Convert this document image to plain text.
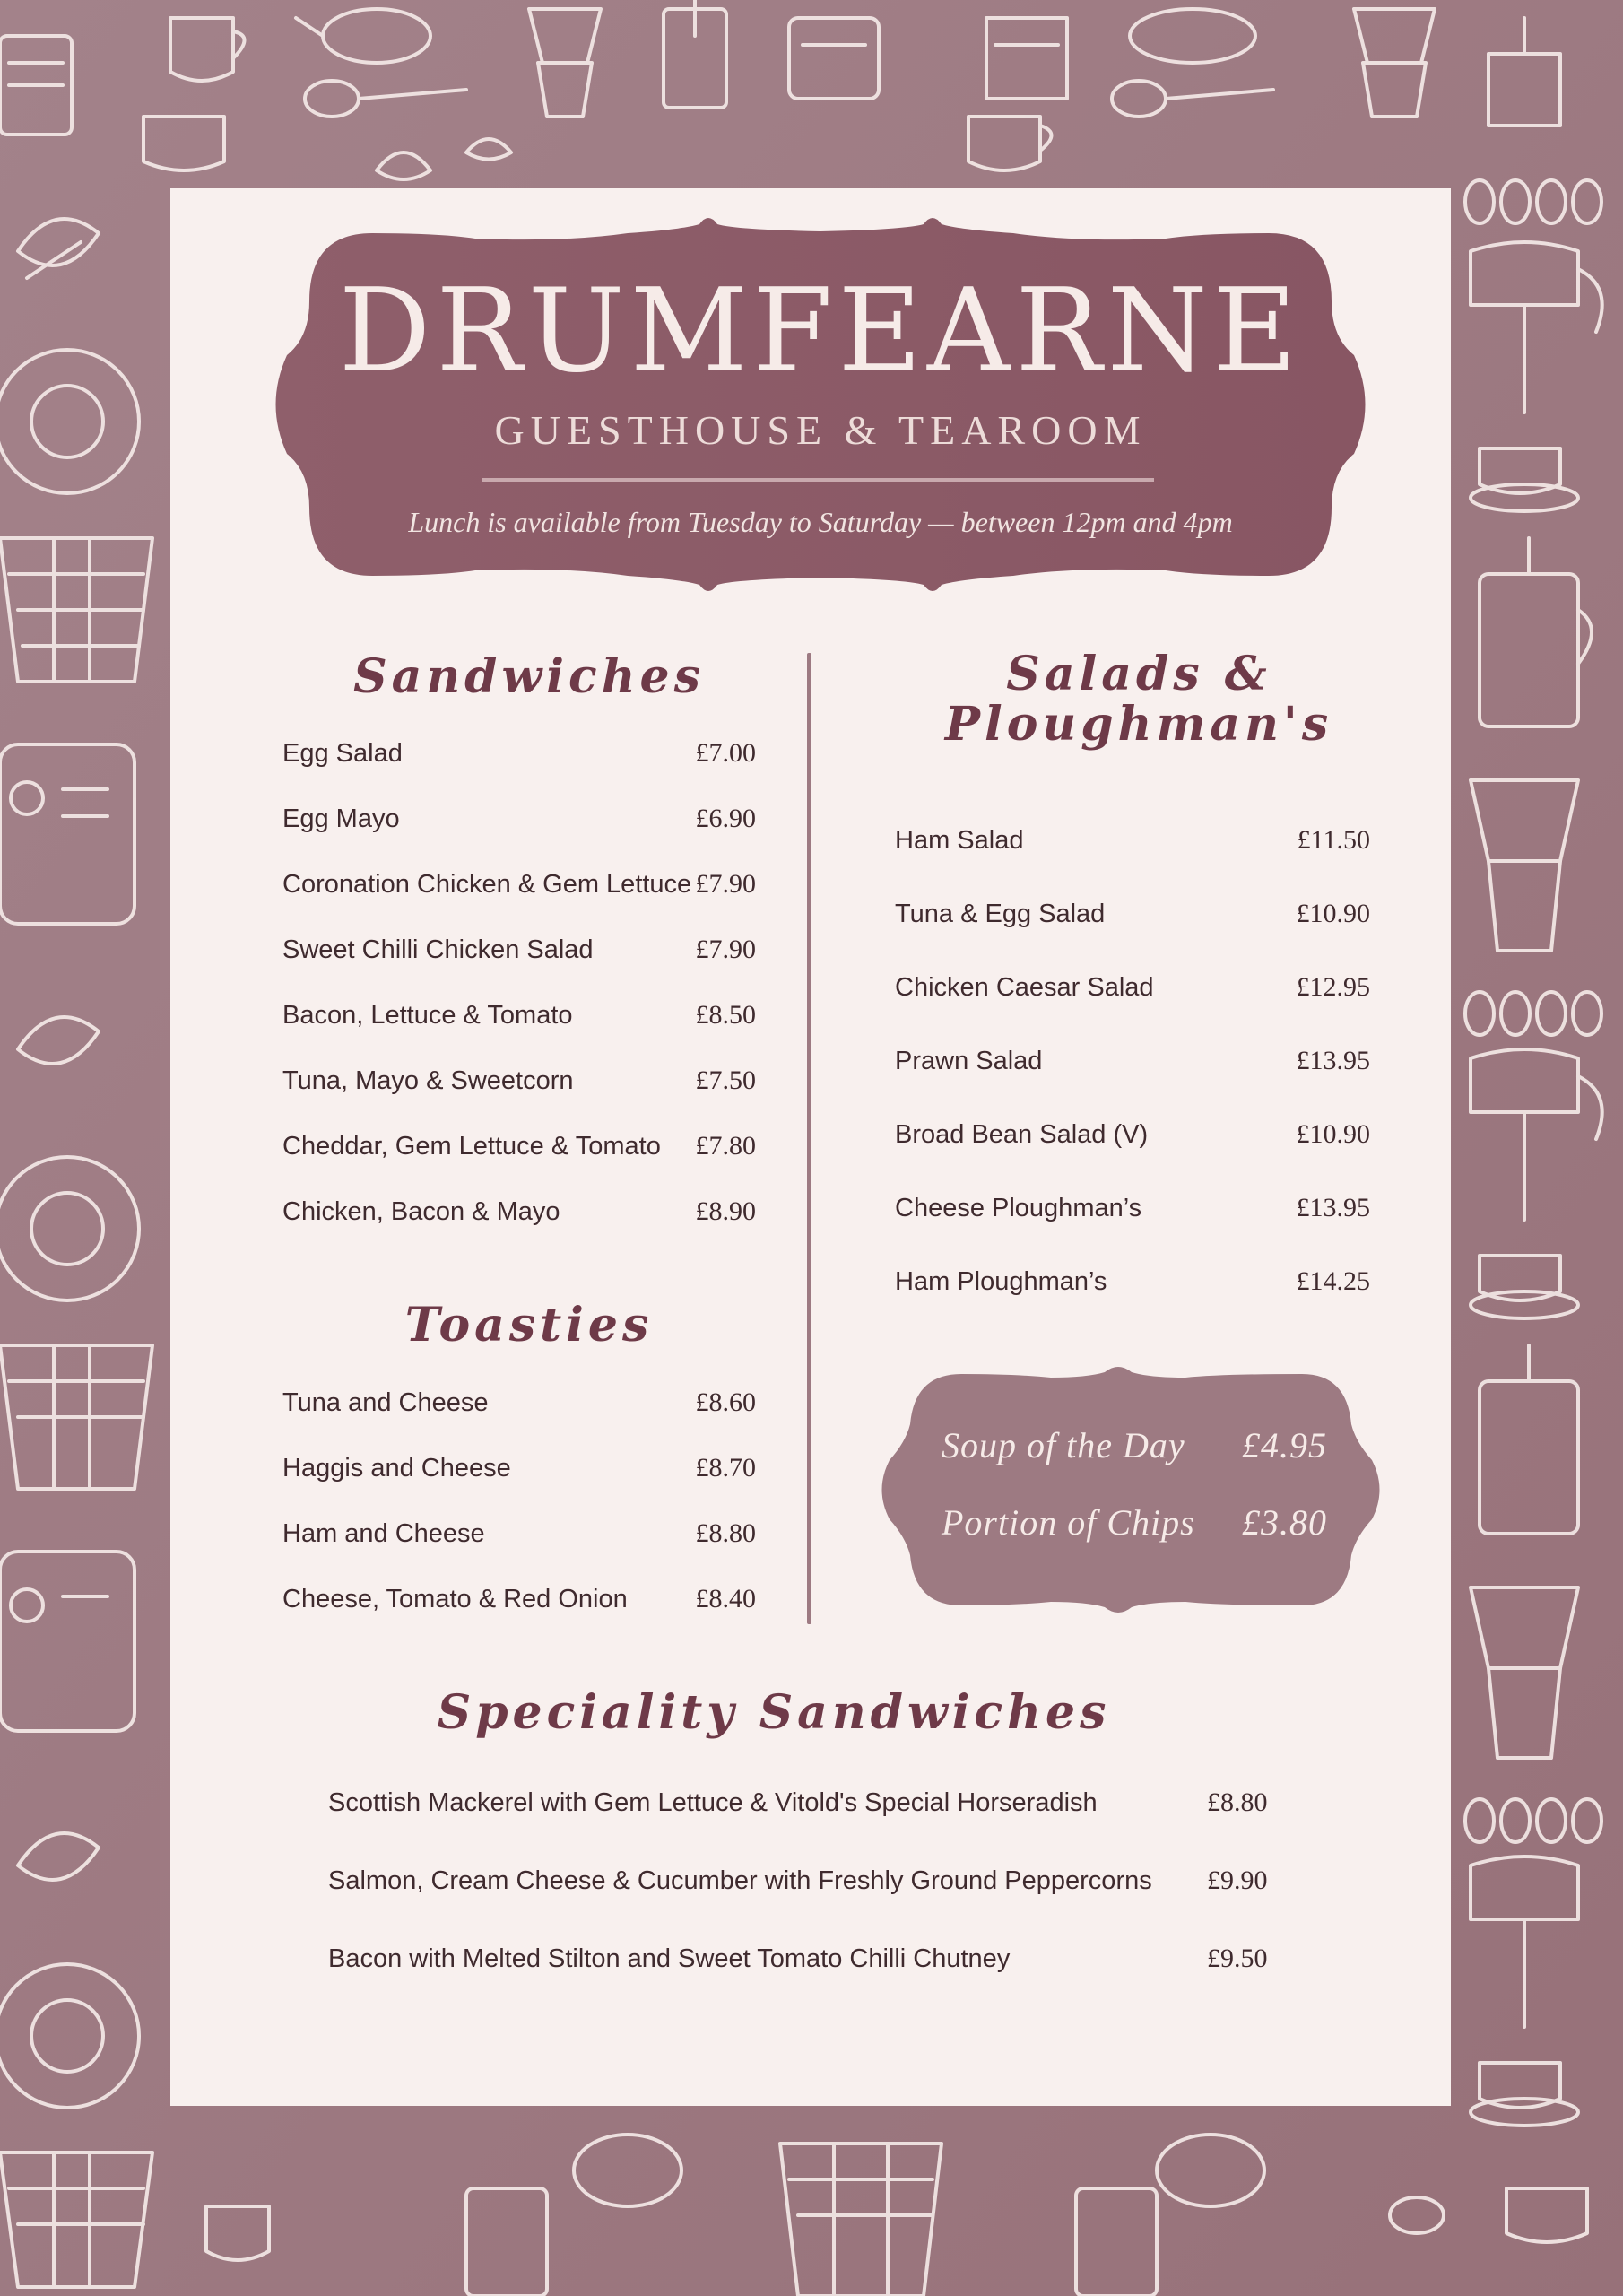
DRUMFEARNE
GUESTHOUSE & TEAROOM
Lunch is available from Tuesday to Saturday — between 12pm and 4pm
Sandwiches
Egg Salad	£7.00
Egg Mayo	£6.90
Coronation Chicken & Gem Lettuce £7.90
Sweet Chilli Chicken Salad	£7.90
Bacon, Lettuce & Tomato	£8.50
Tuna, Mayo & Sweetcorn	£7.50
Cheddar, Gem Lettuce & Tomato £7.80
Chicken, Bacon & Mayo	£8.90
Toasties
Tuna and Cheese	£8.60
Haggis and Cheese	£8.70
Ham and Cheese	£8.80
Cheese, Tomato & Red Onion	£8.40
Salads &
Ploughman's
Ham Salad	£11.50
Tuna & Egg Salad	£10.90
Chicken Caesar Salad	£12.95
Prawn Salad	£13.95
Broad Bean Salad (V)	£10.90
Cheese Ploughman’s	£13.95
Ham Ploughman’s	£14.25
Soup of the Day £4.95
Portion of Chips £3.80
Speciality Sandwiches
Scottish Mackerel with Gem Lettuce & Vitold's Special Horseradish	£8.80
Salmon, Cream Cheese & Cucumber with Freshly Ground Peppercorns £9.90
Bacon with Melted Stilton and Sweet Tomato Chilli Chutney	£9.50
